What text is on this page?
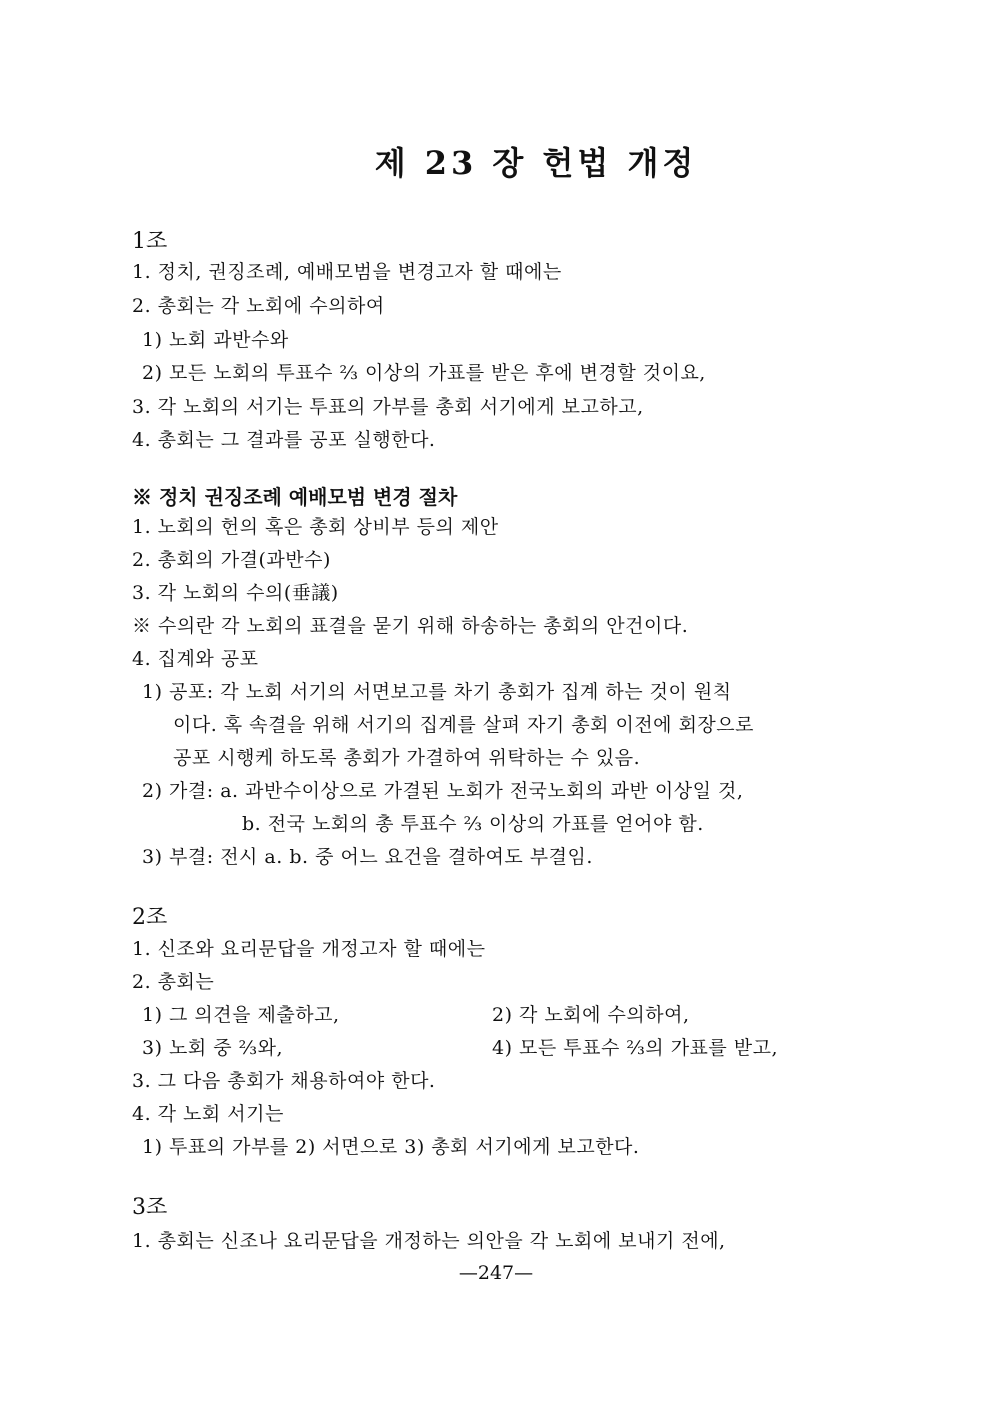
제 23 장 헌법 개정
1조
1. 정치, 권징조례, 예배모범을 변경고자 할 때에는
2. 총회는 각 노회에 수의하여
1) 노회 과반수와
2) 모든 노회의 투표수 ⅔ 이상의 가표를 받은 후에 변경할 것이요,
3. 각 노회의 서기는 투표의 가부를 총회 서기에게 보고하고,
4. 총회는 그 결과를 공포 실행한다.
※ 정치 권징조례 예배모범 변경 절차
1. 노회의 헌의 혹은 총회 상비부 등의 제안
2. 총회의 가결(과반수)
3. 각 노회의 수의(垂議)
※ 수의란 각 노회의 표결을 묻기 위해 하송하는 총회의 안건이다.
4. 집계와 공포
1) 공포: 각 노회 서기의 서면보고를 차기 총회가 집계 하는 것이 원칙
이다. 혹 속결을 위해 서기의 집계를 살펴 자기 총회 이전에 회장으로
공포 시행케 하도록 총회가 가결하여 위탁하는 수 있음.
2) 가결: a. 과반수이상으로 가결된 노회가 전국노회의 과반 이상일 것,
b. 전국 노회의 총 투표수 ⅔ 이상의 가표를 얻어야 함.
3) 부결: 전시 a. b. 중 어느 요건을 결하여도 부결임.
2조
1. 신조와 요리문답을 개정고자 할 때에는
2. 총회는
1) 그 의견을 제출하고,	2) 각 노회에 수의하여,
3) 노회 중 ⅔와,	4) 모든 투표수 ⅔의 가표를 받고,
3. 그 다음 총회가 채용하여야 한다.
4. 각 노회 서기는
1) 투표의 가부를 2) 서면으로 3) 총회 서기에게 보고한다.
3조
1. 총회는 신조나 요리문답을 개정하는 의안을 각 노회에 보내기 전에,
—247—
